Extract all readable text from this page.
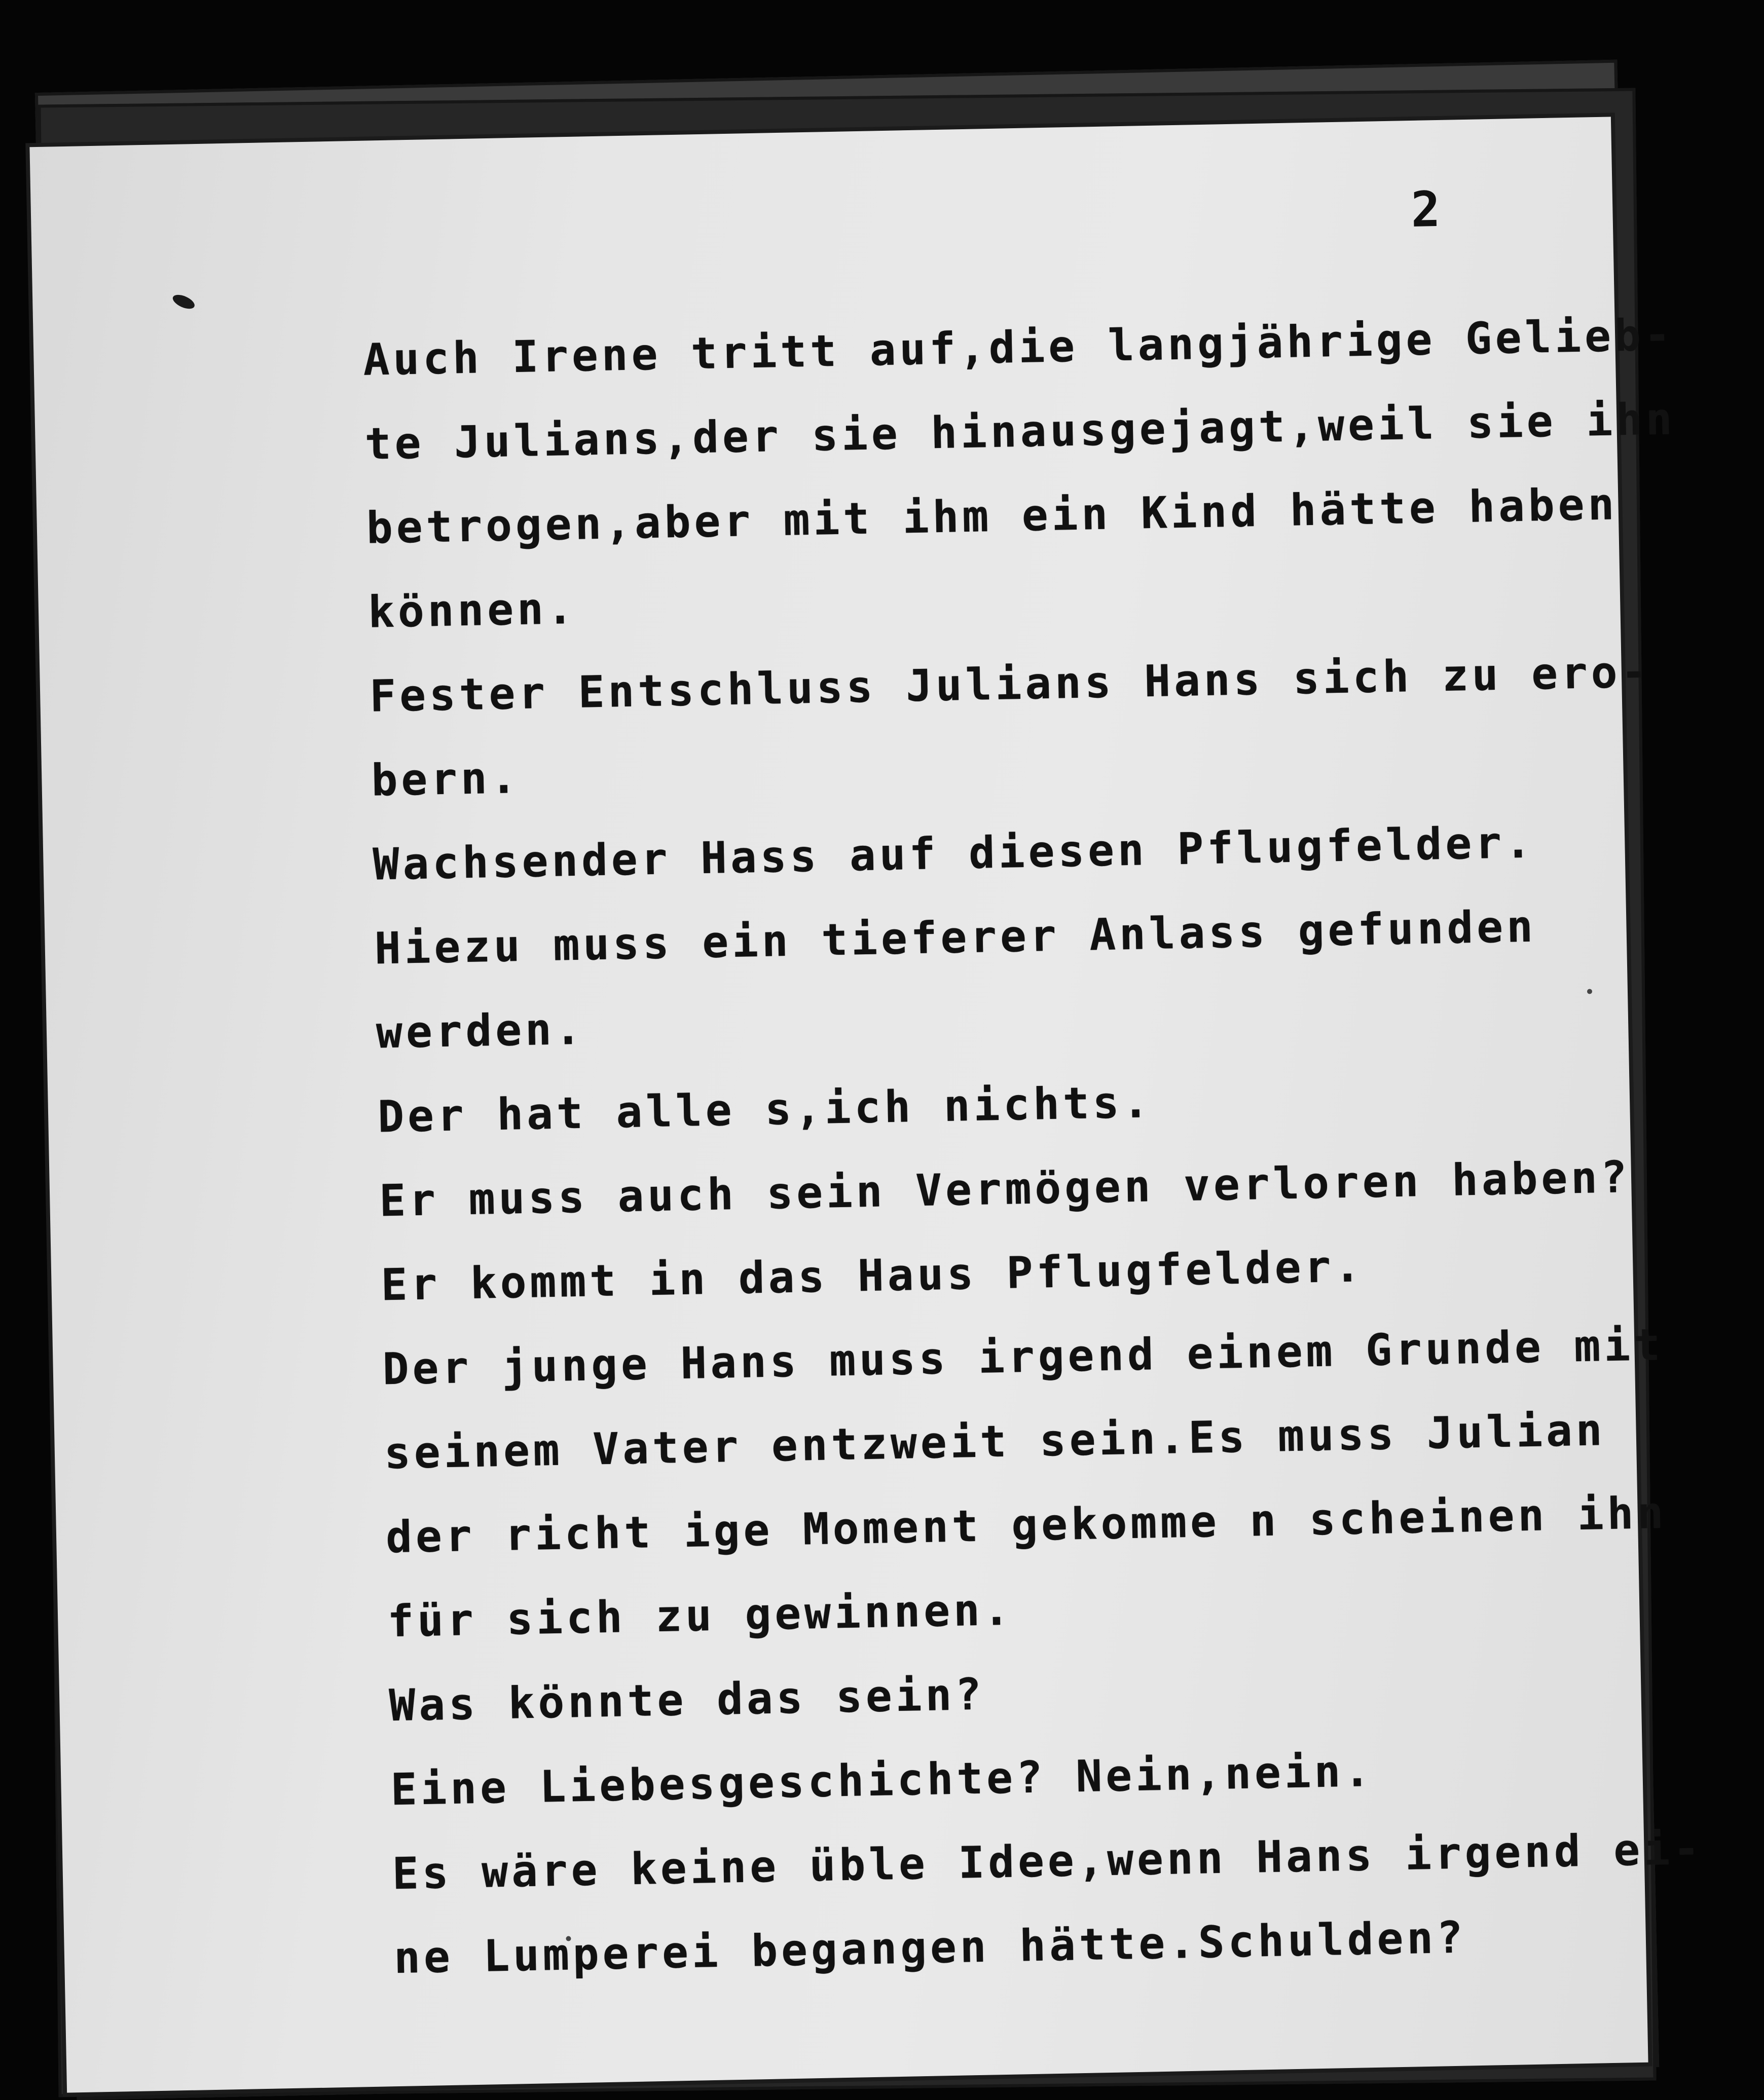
2
Auch Irene tritt auf,die langjährige Gelieb-
te Julians,der sie hinausgejagt,weil sie ihn
betrogen,aber mit ihm ein Kind hätte haben
können.
Fester Entschluss Julians Hans sich zu ero-
bern.
Wachsender Hass auf diesen Pflugfelder.
Hiezu muss ein tieferer Anlass gefunden
werden.
Der hat alle s,ich nichts.
Er muss auch sein Vermögen verloren haben?
Er kommt in das Haus Pflugfelder.
Der junge Hans muss irgend einem Grunde mit
seinem Vater entzweit sein.Es muss Julian
der richt ige Moment gekomme n scheinen ihn
für sich zu gewinnen.
Was könnte das sein?
Eine Liebesgeschichte? Nein,nein.
Es wäre keine üble Idee,wenn Hans irgend ei-
ne Lumperei begangen hätte.Schulden?
